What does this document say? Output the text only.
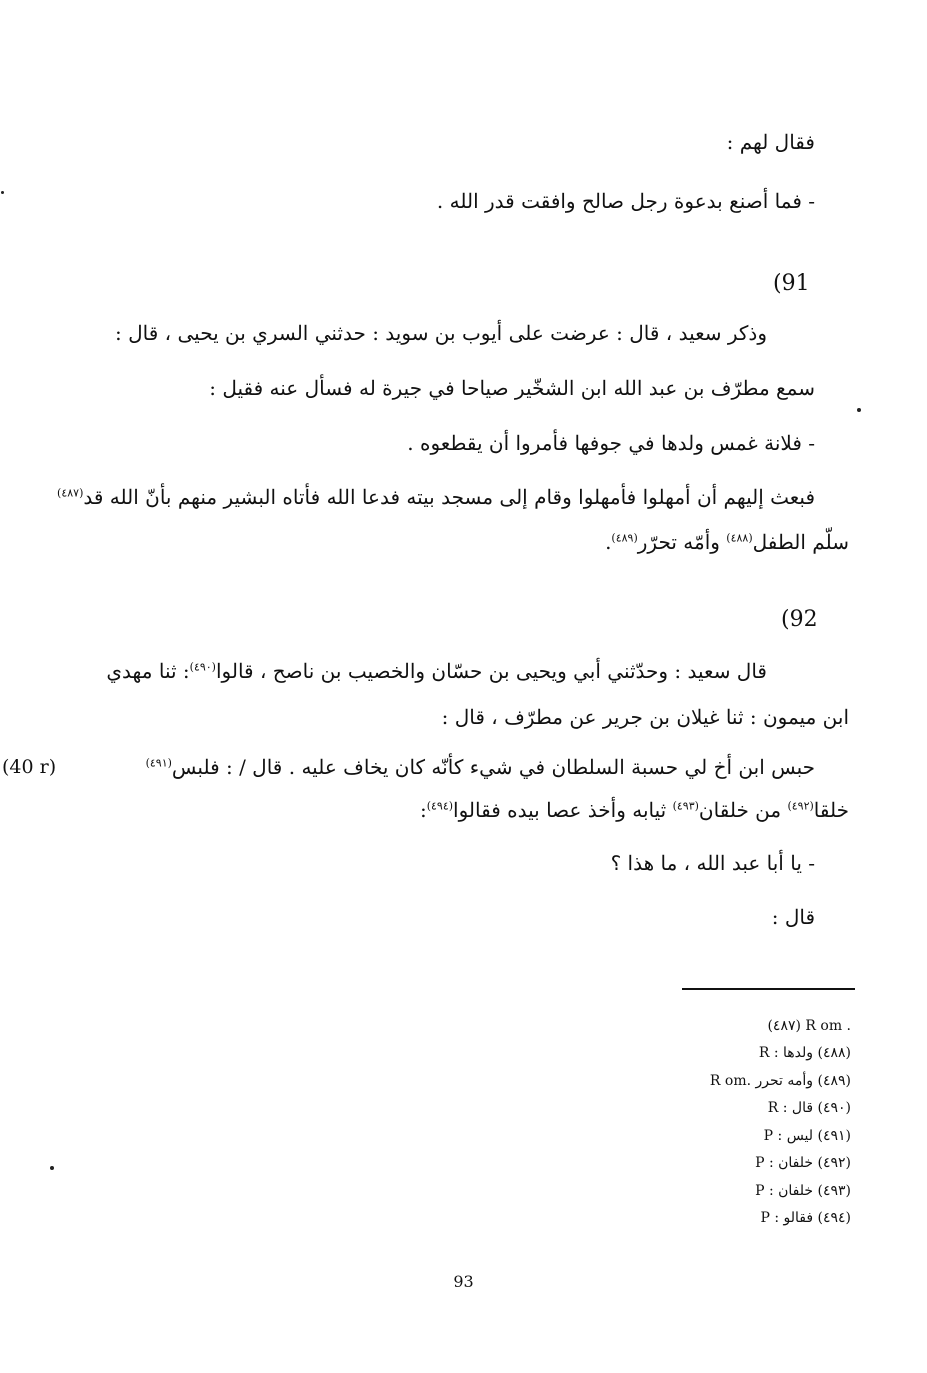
فقال لهم :
- فما أصنع بدعوة رجل صالح وافقت قدر الله .
(91
وذكر سعيد ، قال : عرضت على أيوب بن سويد : حدثني السري بن يحيى ، قال :
سمع مطرّف بن عبد الله ابن الشخّير صياحا في جيرة له فسأل عنه فقيل :
- فلانة غمس ولدها في جوفها فأمروا أن يقطعوه .
فبعث إليهم أن أمهلوا فأمهلوا وقام إلى مسجد بيته فدعا الله فأتاه البشير منهم بأنّ الله قد$^{(٤٨٧)}$
سلّم الطفل$^{(٤٨٨)}$ وأمّه تحرّر$^{(٤٨٩)}$.
(92
قال سعيد : وحدّثني أبي ويحيى بن حسّان والخصيب بن ناصح ، قالوا$^{(٤٩٠)}$: ثنا مهدي
ابن ميمون : ثنا غيلان بن جرير عن مطرّف ، قال :
حبس ابن أخ لي حسبة السلطان في شيء كأنّه كان يخاف عليه . قال / : فلبس$^{(٤٩١)}$
(40 r)
خلقا$^{(٤٩٢)}$ من خلقان$^{(٤٩٣)}$ ثيابه وأخذ عصا بيده فقالوا$^{(٤٩٤)}$:
- يا أبا عبد الله ، ما هذا ؟
قال :
(٤٨٧) R om .
(٤٨٨) ولدها : R
(٤٨٩) وأمه تحرر .R om
(٤٩٠) قال : R
(٤٩١) ليس : P
(٤٩٢) خلفان : P
(٤٩٣) خلفان : P
(٤٩٤) فقالو : P
93
